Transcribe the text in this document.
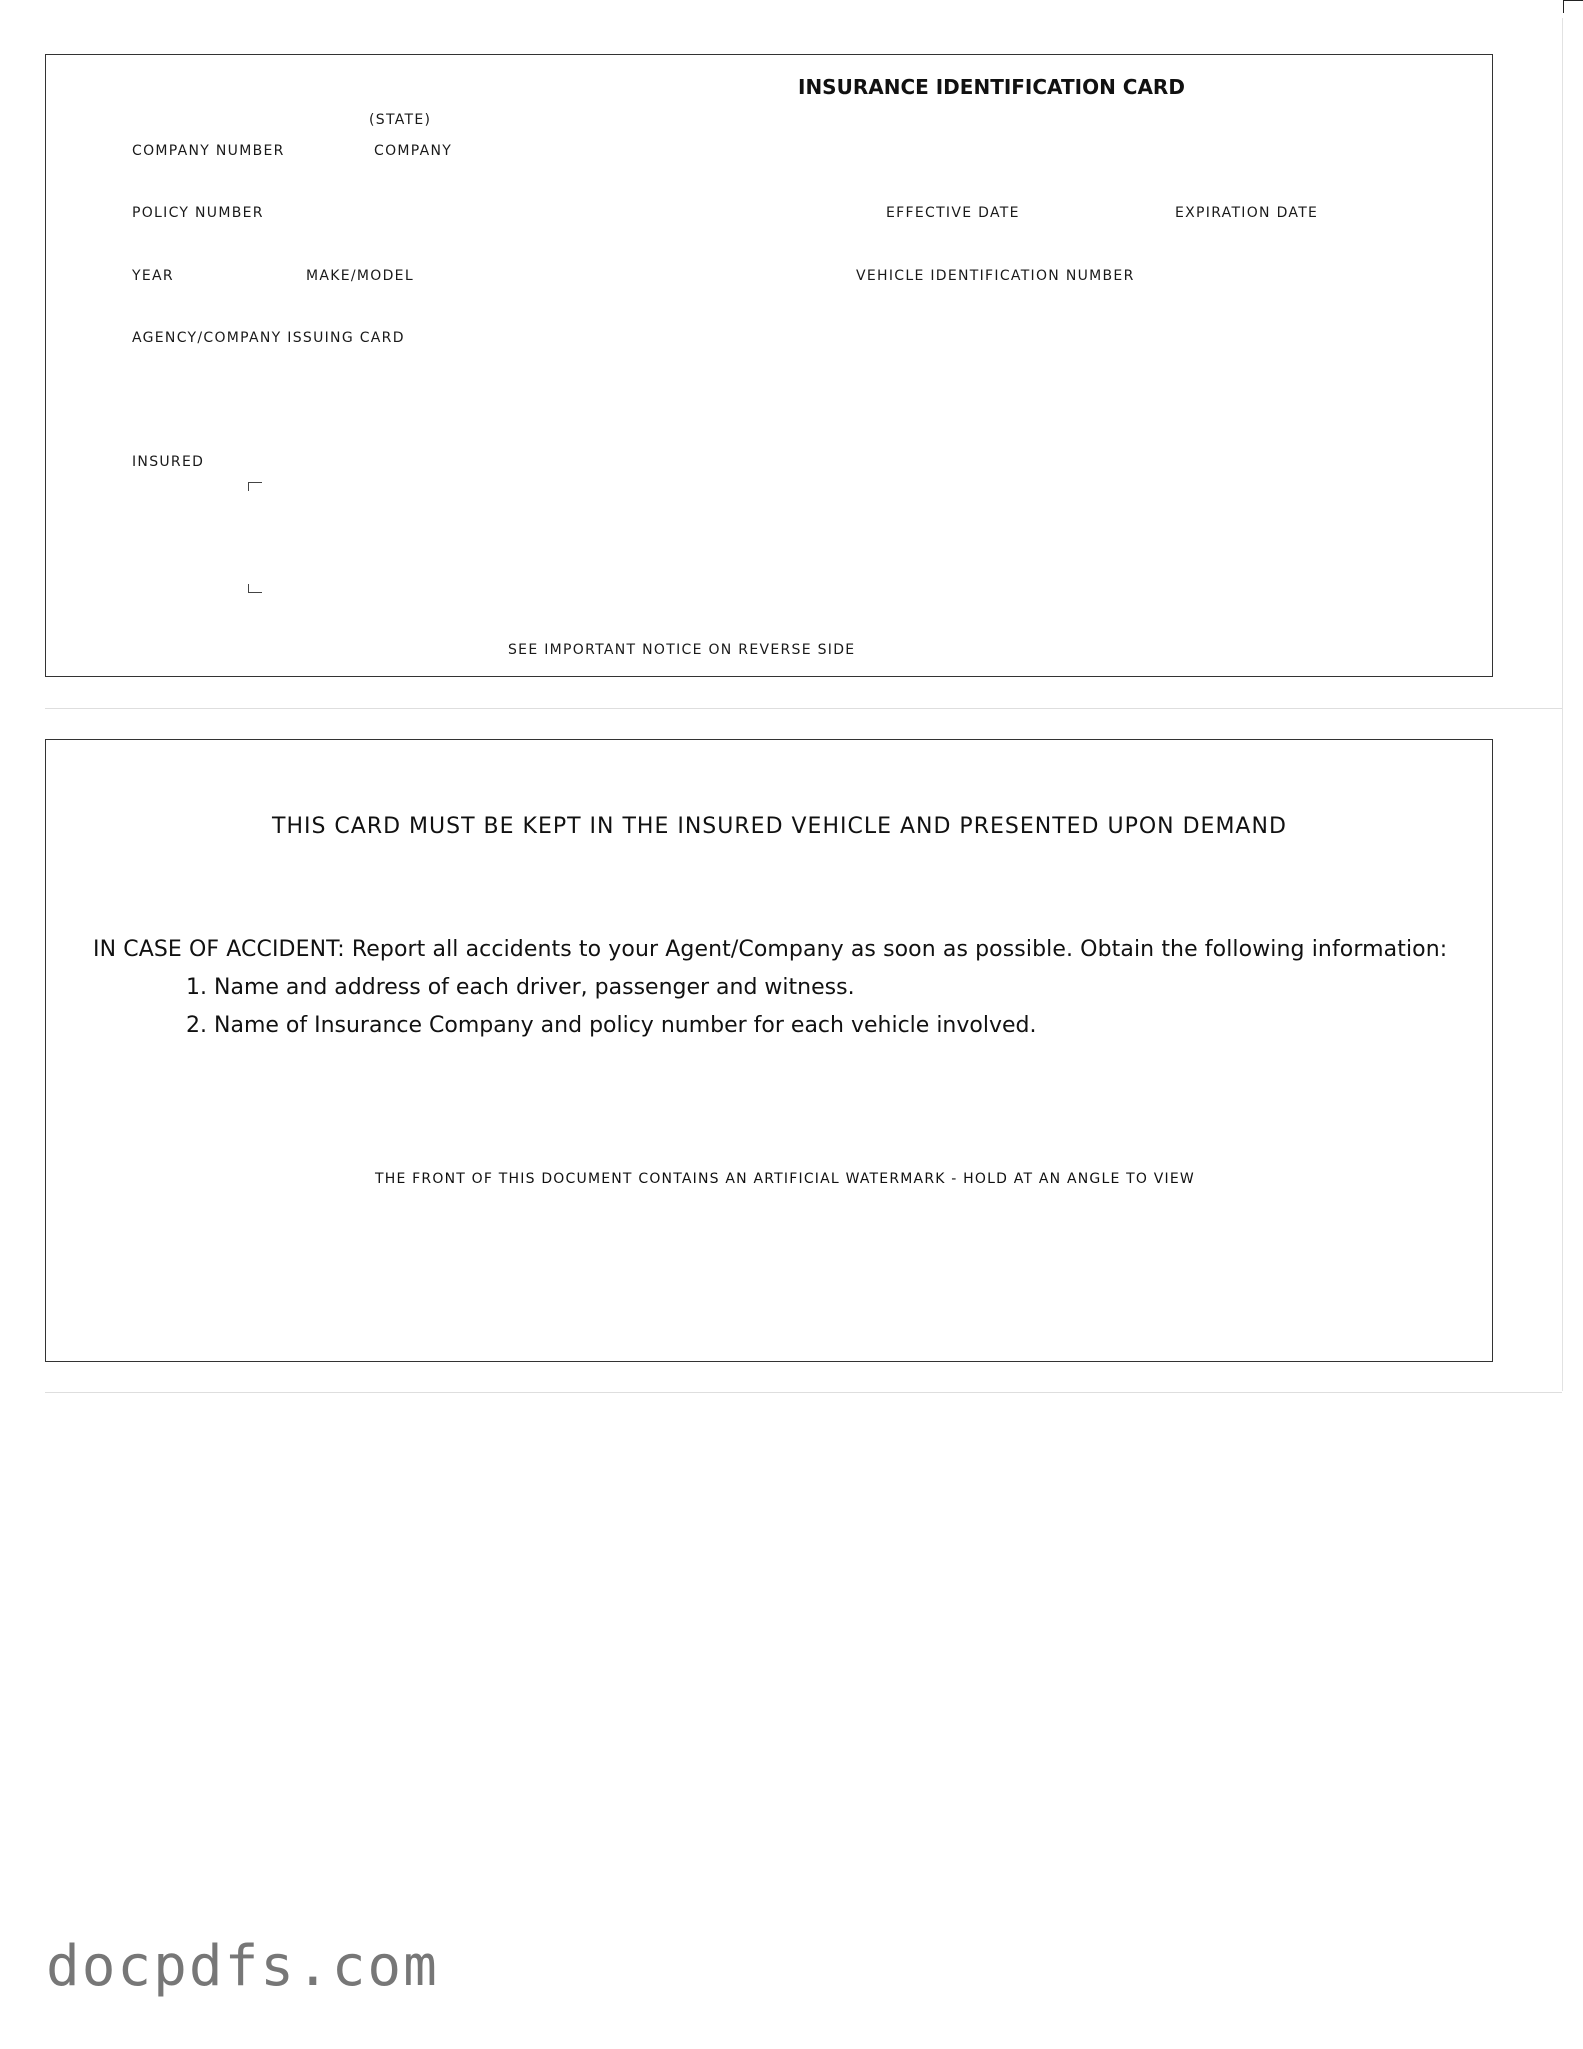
INSURANCE IDENTIFICATION CARD
(STATE)
COMPANY NUMBER	COMPANY
POLICY NUMBER	EFFECTIVE DATE	EXPIRATION DATE
YEAR	MAKE/MODEL	VEHICLE IDENTIFICATION NUMBER
AGENCY/COMPANY ISSUING CARD
INSURED
SEE IMPORTANT NOTICE ON REVERSE SIDE
THIS CARD MUST BE KEPT IN THE INSURED VEHICLE AND PRESENTED UPON DEMAND
IN CASE OF ACCIDENT: Report all accidents to your Agent/Company as soon as possible. Obtain the following information:
1. Name and address of each driver, passenger and witness.
2. Name of Insurance Company and policy number for each vehicle involved.
THE FRONT OF THIS DOCUMENT CONTAINS AN ARTIFICIAL WATERMARK - HOLD AT AN ANGLE TO VIEW
docpdfs.com
